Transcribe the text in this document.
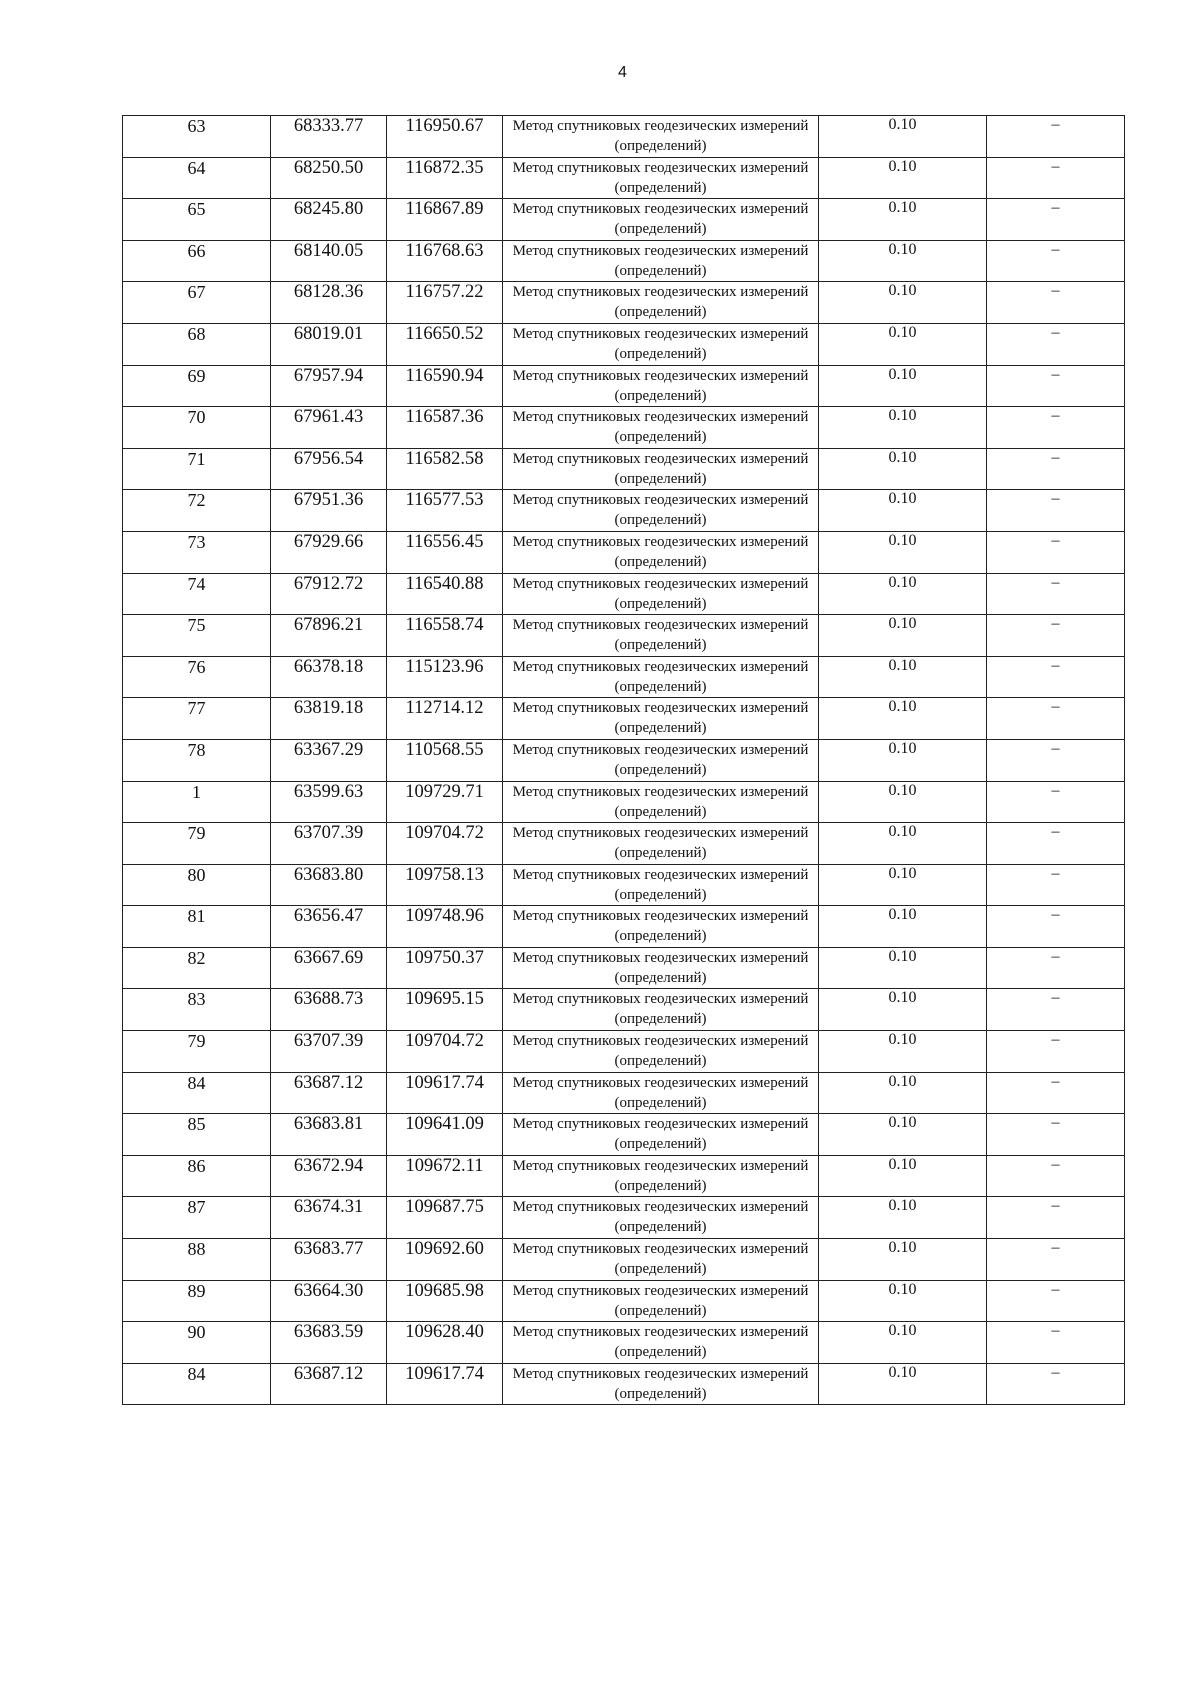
4
63	68333.77	116950.67	Метод спутниковых геодезических измерений (определений)	0.10	–
64	68250.50	116872.35	Метод спутниковых геодезических измерений (определений)	0.10	–
65	68245.80	116867.89	Метод спутниковых геодезических измерений (определений)	0.10	–
66	68140.05	116768.63	Метод спутниковых геодезических измерений (определений)	0.10	–
67	68128.36	116757.22	Метод спутниковых геодезических измерений (определений)	0.10	–
68	68019.01	116650.52	Метод спутниковых геодезических измерений (определений)	0.10	–
69	67957.94	116590.94	Метод спутниковых геодезических измерений (определений)	0.10	–
70	67961.43	116587.36	Метод спутниковых геодезических измерений (определений)	0.10	–
71	67956.54	116582.58	Метод спутниковых геодезических измерений (определений)	0.10	–
72	67951.36	116577.53	Метод спутниковых геодезических измерений (определений)	0.10	–
73	67929.66	116556.45	Метод спутниковых геодезических измерений (определений)	0.10	–
74	67912.72	116540.88	Метод спутниковых геодезических измерений (определений)	0.10	–
75	67896.21	116558.74	Метод спутниковых геодезических измерений (определений)	0.10	–
76	66378.18	115123.96	Метод спутниковых геодезических измерений (определений)	0.10	–
77	63819.18	112714.12	Метод спутниковых геодезических измерений (определений)	0.10	–
78	63367.29	110568.55	Метод спутниковых геодезических измерений (определений)	0.10	–
1	63599.63	109729.71	Метод спутниковых геодезических измерений (определений)	0.10	–
79	63707.39	109704.72	Метод спутниковых геодезических измерений (определений)	0.10	–
80	63683.80	109758.13	Метод спутниковых геодезических измерений (определений)	0.10	–
81	63656.47	109748.96	Метод спутниковых геодезических измерений (определений)	0.10	–
82	63667.69	109750.37	Метод спутниковых геодезических измерений (определений)	0.10	–
83	63688.73	109695.15	Метод спутниковых геодезических измерений (определений)	0.10	–
79	63707.39	109704.72	Метод спутниковых геодезических измерений (определений)	0.10	–
84	63687.12	109617.74	Метод спутниковых геодезических измерений (определений)	0.10	–
85	63683.81	109641.09	Метод спутниковых геодезических измерений (определений)	0.10	–
86	63672.94	109672.11	Метод спутниковых геодезических измерений (определений)	0.10	–
87	63674.31	109687.75	Метод спутниковых геодезических измерений (определений)	0.10	–
88	63683.77	109692.60	Метод спутниковых геодезических измерений (определений)	0.10	–
89	63664.30	109685.98	Метод спутниковых геодезических измерений (определений)	0.10	–
90	63683.59	109628.40	Метод спутниковых геодезических измерений (определений)	0.10	–
84	63687.12	109617.74	Метод спутниковых геодезических измерений (определений)	0.10	–
